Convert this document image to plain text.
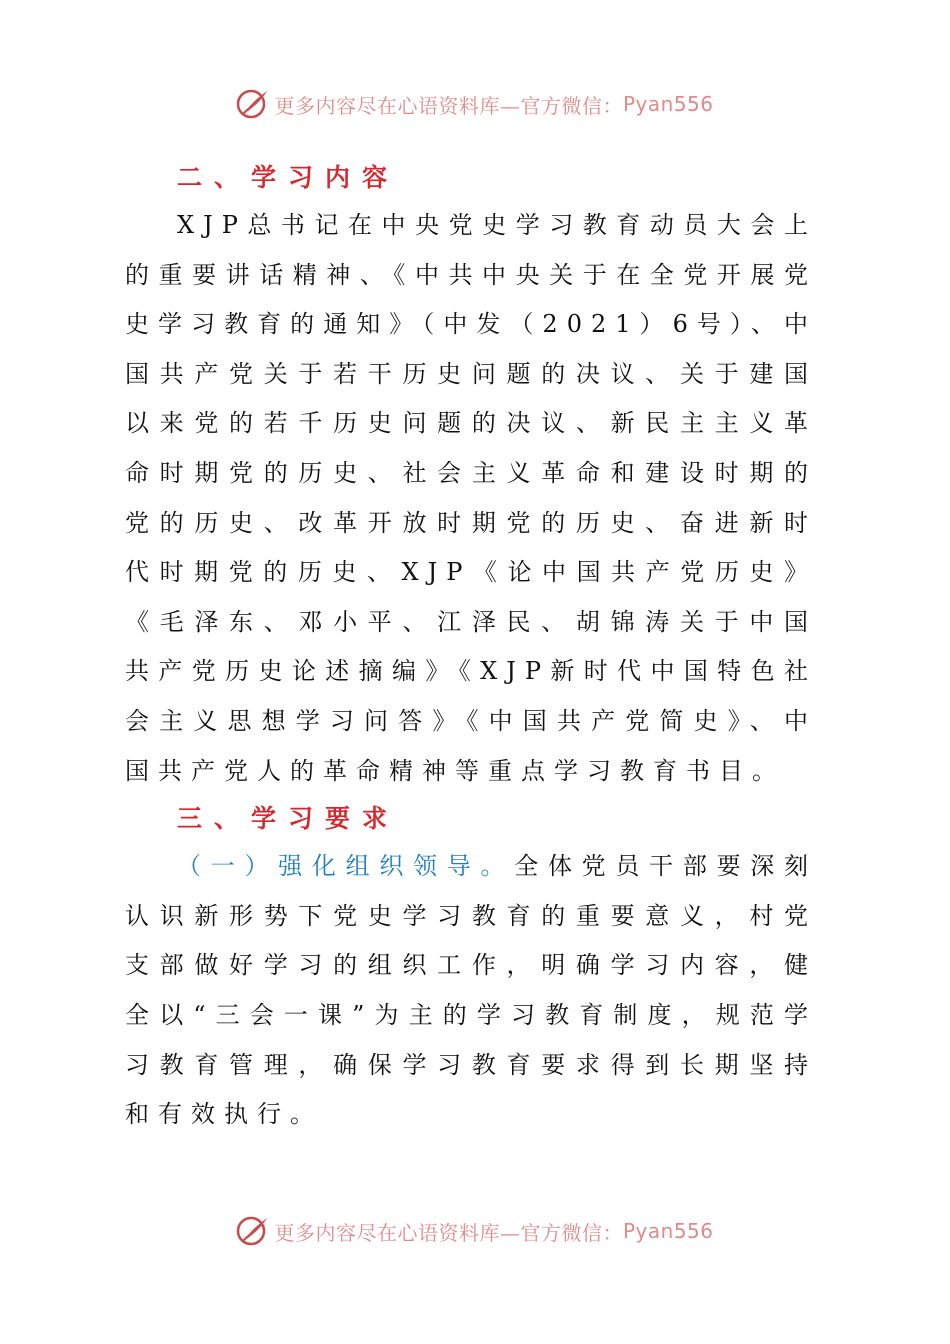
更多内容尽在心语资料库—官方微信： Pyan556
二、学习内容

XJP总书记在中央党史学习教育动员大会上的重要讲话精神、《中共中央关于在全党开展党史学习教育的通知》（中发（2021）6号）、中国共产党关于若干历史问题的决议、关于建国以来党的若千历史问题的决议、新民主主义革命时期党的历史、社会主义革命和建设时期的党的历史、改革开放时期党的历史、奋进新时代时期党的历史、XJP《论中国共产党历史》《毛泽东、邓小平、江泽民、胡锦涛关于中国共产党历史论述摘编》《XJP新时代中国特色社会主义思想学习问答》《中国共产党简史》、中国共产党人的革命精神等重点学习教育书目。

三、学习要求

（一）强化组织领导。全体党员干部要深刻认识新形势下党史学习教育的重要意义，村党支部做好学习的组织工作，明确学习内容，健全以“三会一课”为主的学习教育制度，规范学习教育管理，确保学习教育要求得到长期坚持和有效执行。

更多内容尽在心语资料库—官方微信： Pyan556
